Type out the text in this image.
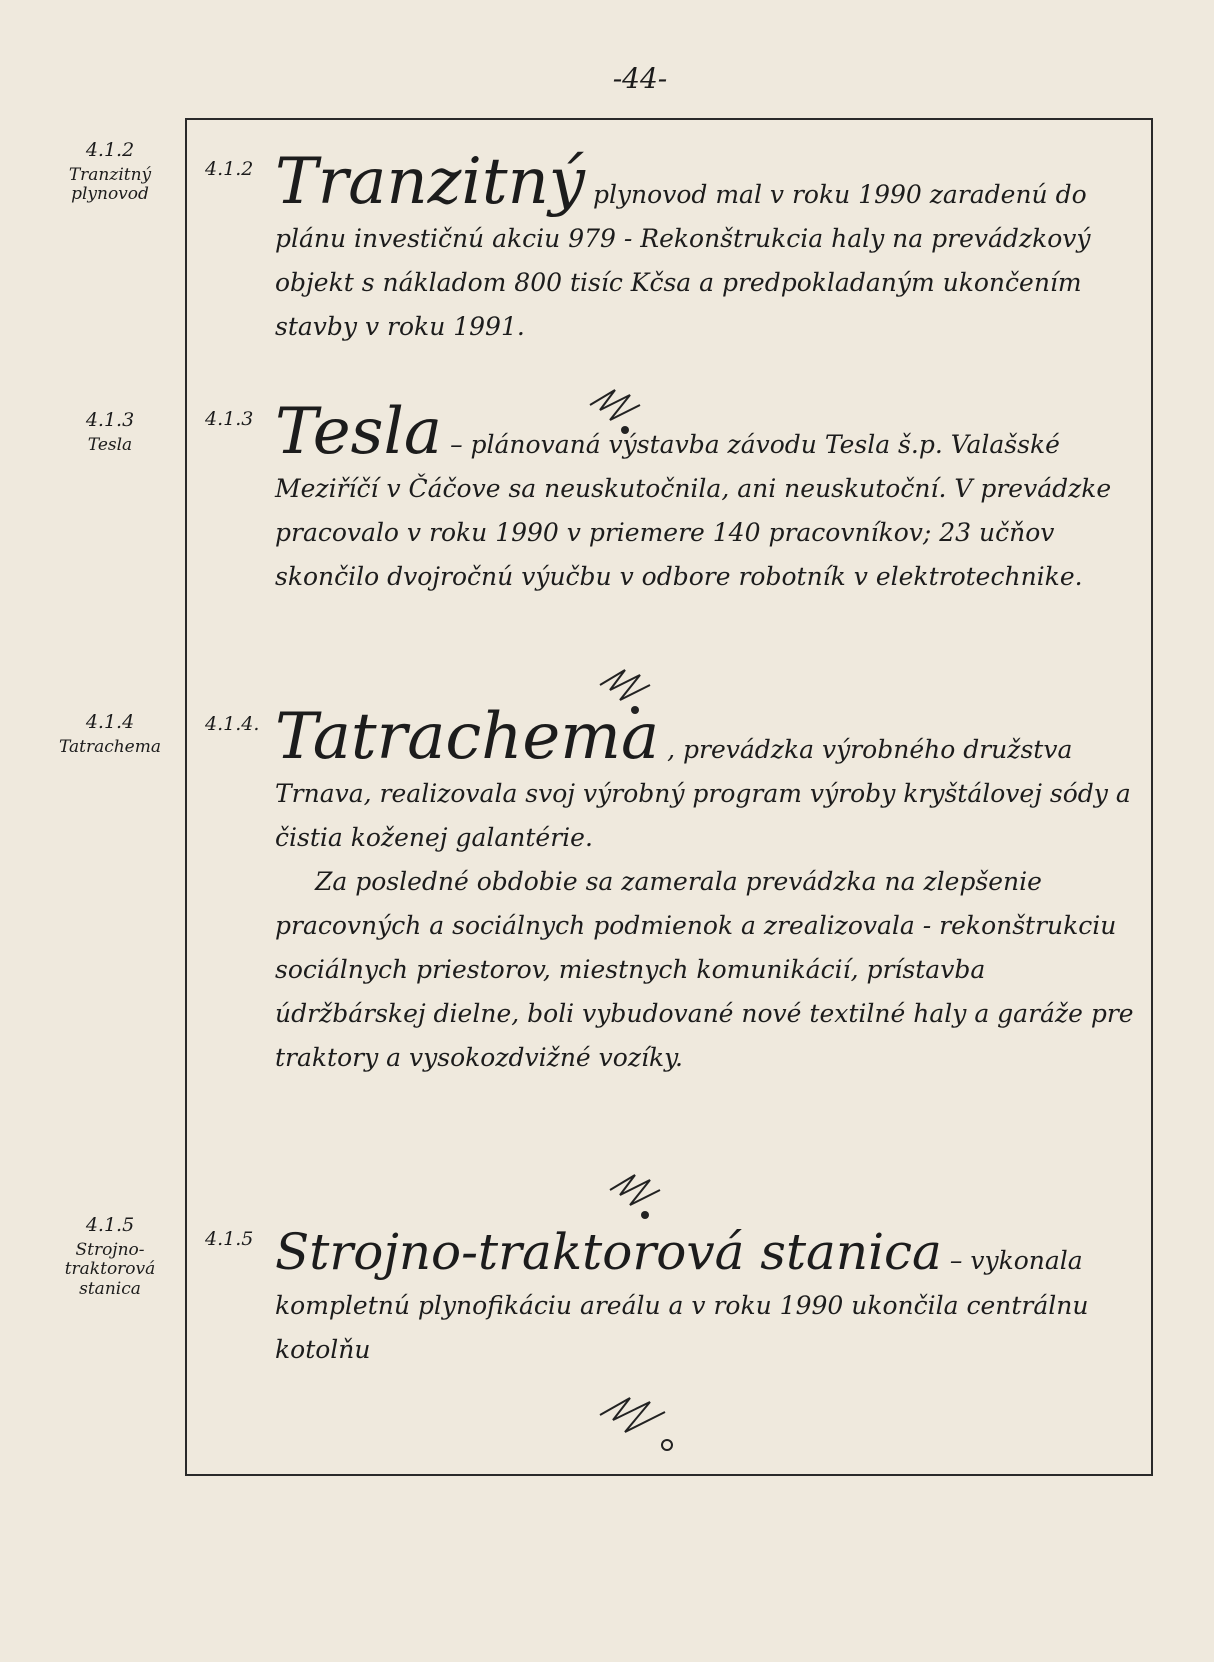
-44-
4.1.2
Tranzitný plynovod
4.1.3
Tesla
4.1.4
Tatrachema
4.1.5
Strojno-traktorová stanica
4.1.2 Tranzitný plynovod mal v roku 1990 zaradenú do plánu investičnú akciu 979 - Rekonštrukcia haly na prevádzkový objekt s nákladom 800 tisíc Kčsa a predpokladaným ukončením stavby v roku 1991.

4.1.3 Tesla – plánovaná výstavba závodu Tesla š.p. Valašské Meziříčí v Čáčove sa neuskutočnila, ani neuskutoční. V prevádzke pracovalo v roku 1990 v priemere 140 pracovníkov; 23 učňov skončilo dvojročnú výučbu v odbore robotník v elektrotechnike.

4.1.4. Tatrachema , prevádzka výrobného družstva Trnava, realizovala svoj výrobný program výroby kryštálovej sódy a čistia koženej galantérie.

Za posledné obdobie sa zamerala prevádzka na zlepšenie pracovných a sociálnych podmienok a zrealizovala - rekonštrukciu sociálnych priestorov, miestnych komunikácií, prístavba údržbárskej dielne, boli vybudované nové textilné haly a garáže pre traktory a vysokozdvižné vozíky.

4.1.5 Strojno-traktorová stanica – vykonala kompletnú plynofikáciu areálu a v roku 1990 ukončila centrálnu kotolňu
